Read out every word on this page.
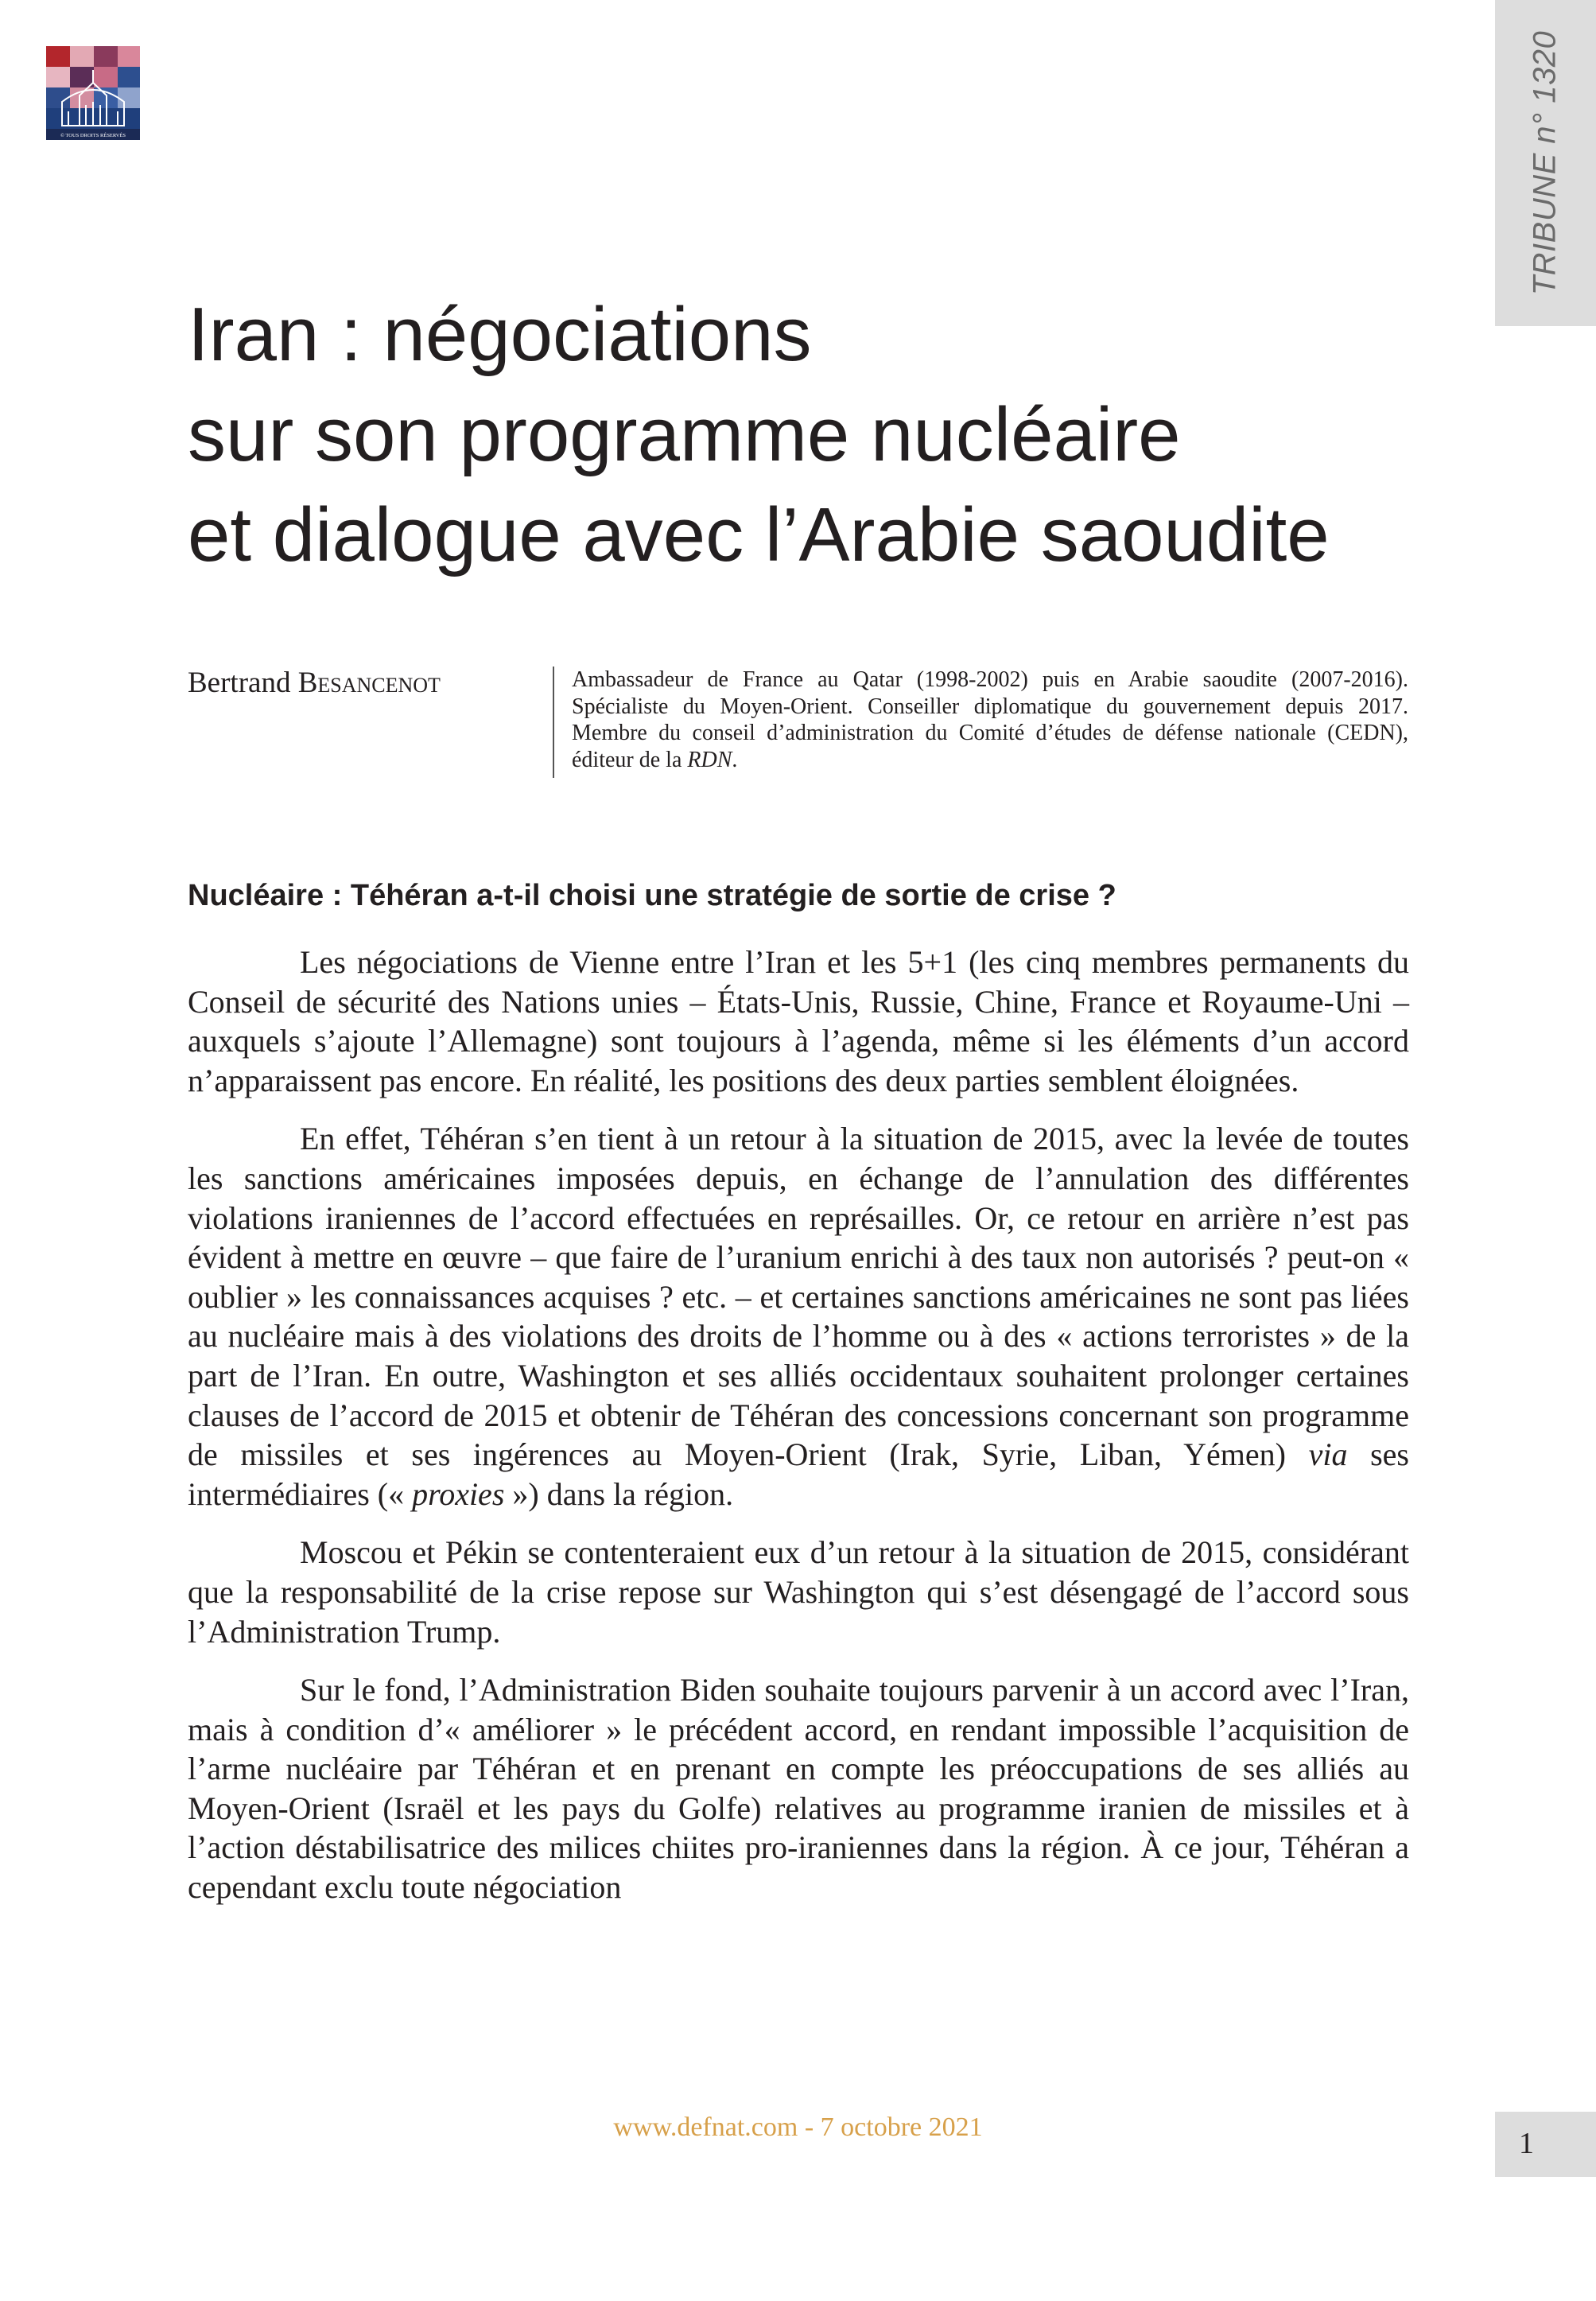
© TOUS DROITS RÉSERVÉS	TRIBUNE n° 1320
Iran : négociations
sur son programme nucléaire
et dialogue avec l’Arabie saoudite
Bertrand Besancenot	Ambassadeur de France au Qatar (1998-2002) puis en Arabie saoudite (2007-2016). Spécialiste du Moyen-Orient. Conseiller diplomatique du gouvernement depuis 2017. Membre du conseil d’administration du Comité d’études de défense nationale (CEDN), éditeur de la RDN.

Nucléaire : Téhéran a-t-il choisi une stratégie de sortie de crise ?

Les négociations de Vienne entre l’Iran et les 5+1 (les cinq membres permanents du Conseil de sécurité des Nations unies – États-Unis, Russie, Chine, France et Royaume-Uni – auxquels s’ajoute l’Allemagne) sont toujours à l’agenda, même si les éléments d’un accord n’apparaissent pas encore. En réalité, les positions des deux parties semblent éloignées.

En effet, Téhéran s’en tient à un retour à la situation de 2015, avec la levée de toutes les sanctions américaines imposées depuis, en échange de l’annulation des différentes violations iraniennes de l’accord effectuées en représailles. Or, ce retour en arrière n’est pas évident à mettre en œuvre – que faire de l’uranium enrichi à des taux non autorisés ? peut-on « oublier » les connaissances acquises ? etc. – et certaines sanctions américaines ne sont pas liées au nucléaire mais à des violations des droits de l’homme ou à des « actions terroristes » de la part de l’Iran. En outre, Washington et ses alliés occidentaux souhaitent prolonger certaines clauses de l’accord de 2015 et obtenir de Téhéran des concessions concernant son programme de missiles et ses ingérences au Moyen-Orient (Irak, Syrie, Liban, Yémen) via ses intermédiaires (« proxies ») dans la région.

Moscou et Pékin se contenteraient eux d’un retour à la situation de 2015, considérant que la responsabilité de la crise repose sur Washington qui s’est désengagé de l’accord sous l’Administration Trump.

Sur le fond, l’Administration Biden souhaite toujours parvenir à un accord avec l’Iran, mais à condition d’« améliorer » le précédent accord, en rendant impossible l’acquisition de l’arme nucléaire par Téhéran et en prenant en compte les préoccupations de ses alliés au Moyen-Orient (Israël et les pays du Golfe) relatives au programme iranien de missiles et à l’action déstabilisatrice des milices chiites pro-iraniennes dans la région. À ce jour, Téhéran a cependant exclu toute négociation

www.defnat.com - 7 octobre 2021	1
